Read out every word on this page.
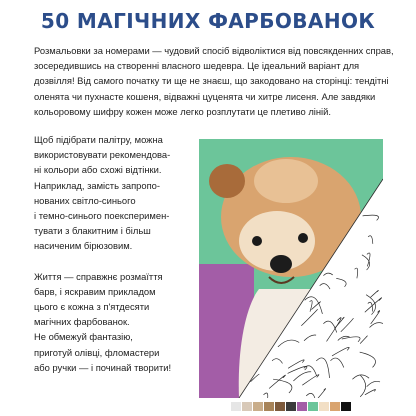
50 МАГІЧНИХ ФАРБОВАНОК

Розмальовки за номерами — чудовий спосіб відволіктися від повсякденних справ, зосередившись на створенні власного шедевра. Це ідеальний варіант для дозвілля! Від самого початку ти ще не знаєш, що закодовано на сторінці: тендітні оленята чи пухнасте кошеня, відважні цуценята чи хитре лисеня. Але завдяки кольоровому шифру кожен може легко розплутати це плетиво ліній.

Щоб підібрати палітру, можна
використовувати рекомендова-
ні кольори або схожі відтінки.
Наприклад, замість запропо-
нованих світло-синього
і темно-синього поексперимен-
тувати з блакитним і більш
насиченим бірюзовим.

Життя — справжнє розмаїття
барв, і яскравим прикладом
цього є кожна з п'ятдесяти
магічних фарбованок.
Не обмежуй фантазію,
приготуй олівці, фломастери
або ручки — і починай творити!
